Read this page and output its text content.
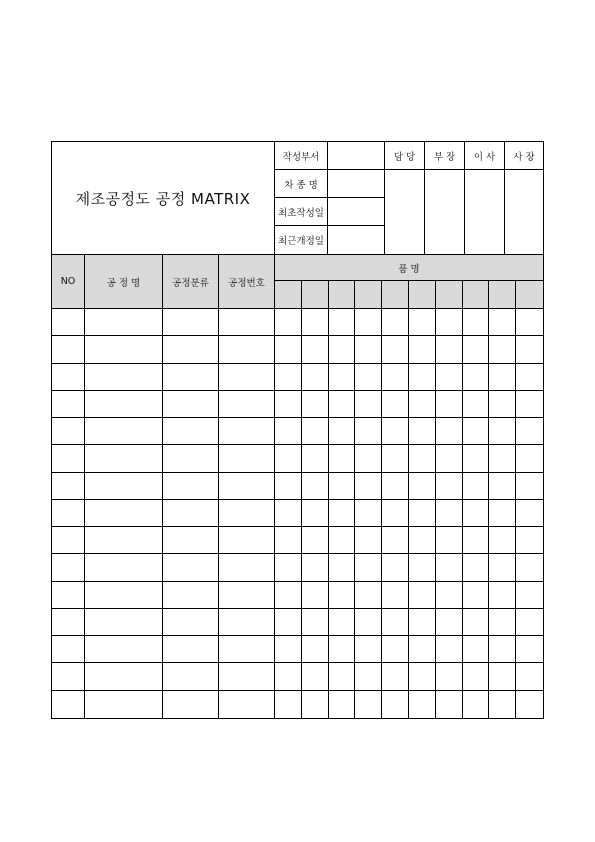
제조공정도 공정 MATRIX
작성부서
차 종 명
최초작성일
최근개정일
담 당	부 장	이 사	사 장
NO	공 정 명	공정분류	공정번호
품 명
